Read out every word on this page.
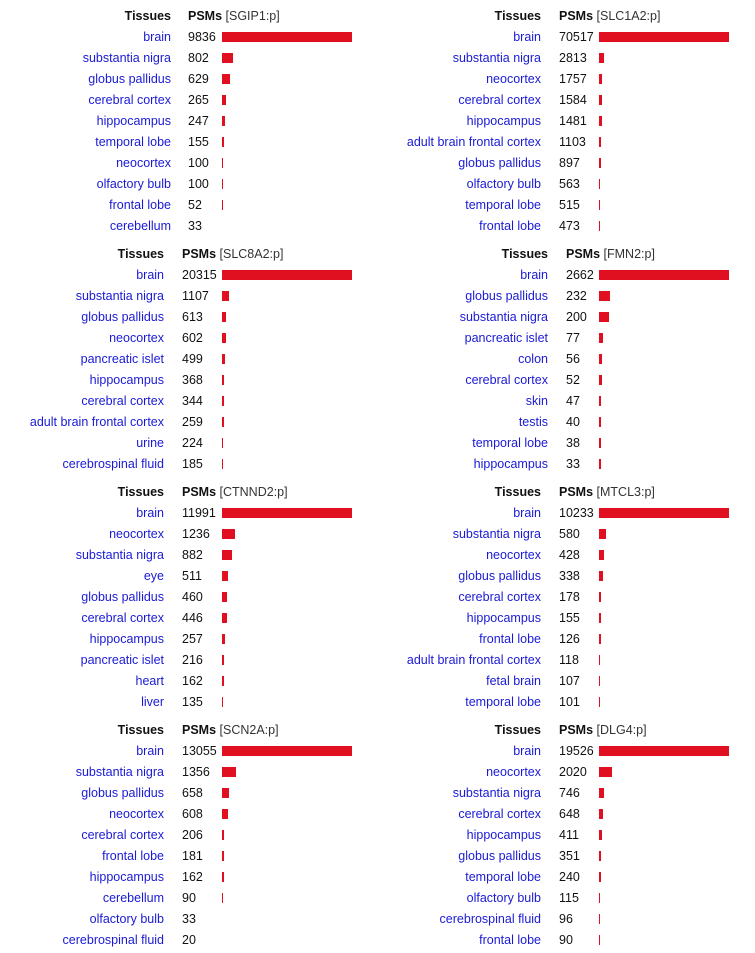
Tissues PSMs [SGIP1:p]
brain 9836
substantia nigra 802
globus pallidus 629
cerebral cortex 265
hippocampus 247
temporal lobe 155
neocortex 100
olfactory bulb 100
frontal lobe 52
cerebellum 33
Tissues PSMs [SLC1A2:p]
brain 70517
substantia nigra 2813
neocortex 1757
cerebral cortex 1584
hippocampus 1481
adult brain frontal cortex 1103
globus pallidus 897
olfactory bulb 563
temporal lobe 515
frontal lobe 473
Tissues PSMs [SLC8A2:p]
brain 20315
substantia nigra 1107
globus pallidus 613
neocortex 602
pancreatic islet 499
hippocampus 368
cerebral cortex 344
adult brain frontal cortex 259
urine 224
cerebrospinal fluid 185
Tissues PSMs [FMN2:p]
brain 2662
globus pallidus 232
substantia nigra 200
pancreatic islet 77
colon 56
cerebral cortex 52
skin 47
testis 40
temporal lobe 38
hippocampus 33
Tissues PSMs [CTNND2:p]
brain 11991
neocortex 1236
substantia nigra 882
eye 511
globus pallidus 460
cerebral cortex 446
hippocampus 257
pancreatic islet 216
heart 162
liver 135
Tissues PSMs [MTCL3:p]
brain 10233
substantia nigra 580
neocortex 428
globus pallidus 338
cerebral cortex 178
hippocampus 155
frontal lobe 126
adult brain frontal cortex 118
fetal brain 107
temporal lobe 101
Tissues PSMs [SCN2A:p]
brain 13055
substantia nigra 1356
globus pallidus 658
neocortex 608
cerebral cortex 206
frontal lobe 181
hippocampus 162
cerebellum 90
olfactory bulb 33
cerebrospinal fluid 20
Tissues PSMs [DLG4:p]
brain 19526
neocortex 2020
substantia nigra 746
cerebral cortex 648
hippocampus 411
globus pallidus 351
temporal lobe 240
olfactory bulb 115
cerebrospinal fluid 96
frontal lobe 90
